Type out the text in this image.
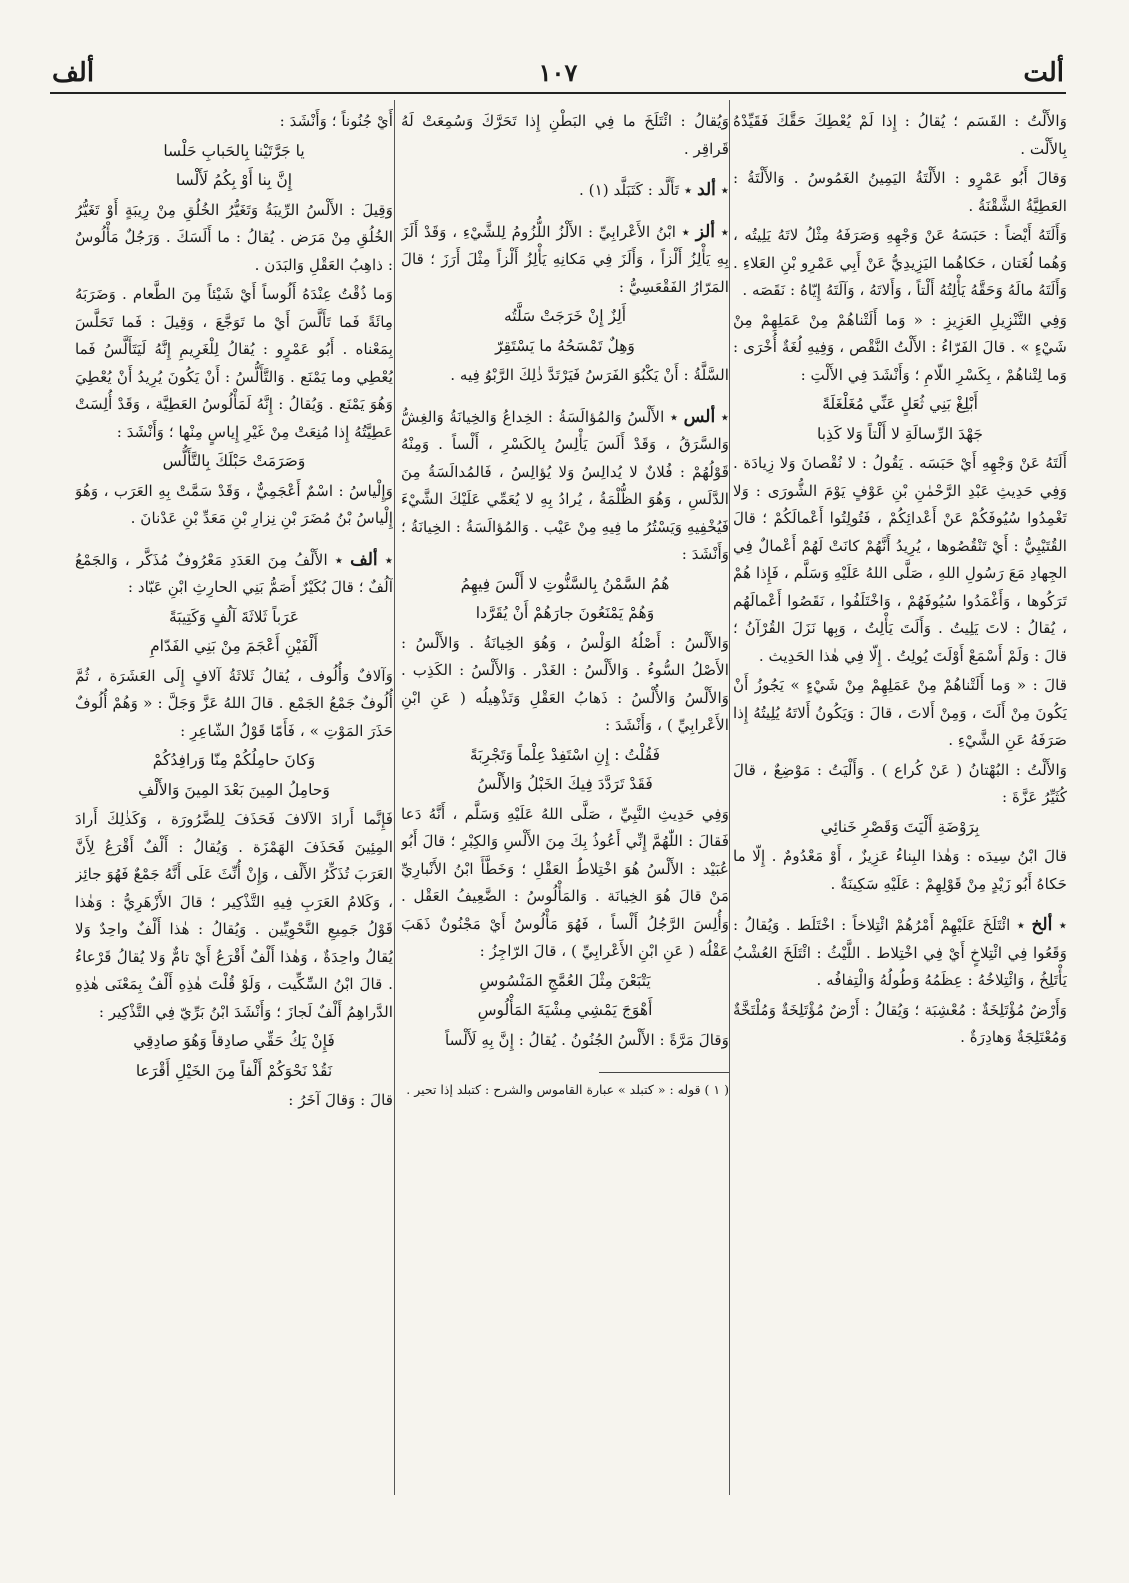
ألت
١٠٧
ألف

وَالأَلْتُ : القَسَم ؛ يُقالُ : إِذا لَمْ يُعْطِكَ حَقَّكَ فَقَيِّدْهُ بِالأَلْت .

وَقالَ أَبُو عَمْرٍو : الأَلْتَةُ اليَمِينُ الغَمُوسُ . وَالأَلْتَةُ : العَطِيَّةُ الشَّقْنَةُ .

وَأَلَتَهُ أَيْضاً : حَبَسَهُ عَنْ وَجْهِهِ وَصَرَفَهُ مِثْلُ لاتَهُ يَلِيتُه ، وَهُما لُغَتان ، حَكاهُما اليَزِيدِيُّ عَنْ أَبِي عَمْرِو بْنِ العَلاءِ . وَأَلَتَهُ مالَهُ وَحَقَّهُ يَأْلِتُهُ أَلْتاً ، وَأَلاتَهُ ، وَآلَتَهُ إِيّاهُ : نَقَصَه .

وَفِي التَّنْزِيلِ العَزِيزِ : « وَما أَلَتْناهُمْ مِنْ عَمَلِهِمْ مِنْ شَيْءٍ » . قالَ الفَرّاءُ : الأَلْتُ النَّقْص ، وَفِيهِ لُغَةٌ أُخْرَى : وَما لِتْناهُمْ ، بِكَسْرِ اللّامِ ؛ وَأَنْشَدَ فِي الأَلْتِ :

أَبْلِغْ بَنِي ثُعَلٍ عَنِّي مُغَلْغَلَةً
جَهْدَ الرِّسالَةِ لا أَلْتاً وَلا كَذِبا

أَلَتَهُ عَنْ وَجْهِهِ أَيْ حَبَسَه . يَقُولُ : لا نُقْصانَ وَلا زِيادَة . وَفِي حَدِيثِ عَبْدِ الرَّحْمٰنِ بْنِ عَوْفٍ يَوْمَ الشُّورَى : وَلا تَغْمِدُوا سُيُوفَكُمْ عَنْ أَعْدائِكُمْ ، فَتُولِتُوا أَعْمالَكُمْ ؛ قالَ القُتَيْبِيُّ : أَيْ تَنْقُصُوها ، يُرِيدُ أَنَّهُمْ كانَتْ لَهُمْ أَعْمالٌ فِي الجِهادِ مَعَ رَسُولِ اللهِ ، صَلَّى اللهُ عَلَيْهِ وَسَلَّم ، فَإِذا هُمْ تَرَكُوها ، وَأَغْمَدُوا سُيُوفَهُمْ ، وَاخْتَلَفُوا ، نَقَصُوا أَعْمالَهُم ، يُقالُ : لاتَ يَلِيتُ . وَأَلَتَ يَأْلِتُ ، وَبِها نَزَلَ القُرْآنُ ؛ قالَ : وَلَمْ أَسْمَعْ أَوْلَتَ يُولِتُ . إِلّا فِي هٰذا الحَدِيث .

قالَ : « وَما أَلَتْناهُمْ مِنْ عَمَلِهِمْ مِنْ شَيْءٍ » يَجُوزُ أَنْ يَكُونَ مِنْ أَلَتَ ، وَمِنْ أَلاتَ ، قالَ : وَيَكُونُ أَلاتَهُ يُلِيتُهُ إِذا صَرَفَهُ عَنِ الشَّيْءِ .

وَالأَلْتُ : البُهْتانُ ( عَنْ كُراع ) . وَأَلْيَتُ : مَوْضِعٌ ، قالَ كُثَيِّرُ عَزَّةَ :

بِرَوْضَةِ أَلْيَتَ وَقَصْرِ خَنائِي

قالَ ابْنُ سِيدَه : وَهٰذا البِناءُ عَزِيزٌ ، أَوْ مَعْدُومٌ . إِلّا ما حَكاهُ أَبُو زَيْدٍ مِنْ قَوْلِهِمْ : عَلَيْهِ سَكِينَةٌ .

٭ ألخ ٭ ائْتَلَخَ عَلَيْهِمْ أَمْرُهُمْ ائْتِلاخاً : اخْتَلَط . وَيُقالُ : وَقَعُوا فِي ائْتِلاخٍ أَيْ فِي اخْتِلاط . اللَّيْثُ : ائْتَلَخَ العُشْبُ يَأْتَلِخُ ، وَائْتِلاخُهُ : عِظَمُهُ وَطُولُهُ وَالْتِفافُه .

وَأَرْضٌ مُؤْتَلِخَةٌ : مُعْشِبَة ؛ وَيُقالُ : أَرْضٌ مُؤْتَلِخَةٌ وَمُلْتَخَّةٌ وَمُعْتَلِجَةٌ وَهادِرَةٌ .

وَيُقالُ : ائْتَلَخَ ما فِي البَطْنِ إِذا تَحَرَّكَ وَسُمِعَتْ لَهُ قَراقِر .

٭ ألد ٭ تَأَلَّد : كَتَبَلَّد (١) .

٭ ألز ٭ ابْنُ الأَعْرابِيِّ : الأَلْزُ اللُّزُومُ لِلشَّيْءِ ، وَقَدْ أَلَزَ بِهِ يَأْلِزُ أَلْزاً ، وَأَلَزَ فِي مَكانِهِ يَأْلِزُ أَلْزاً مِثْلَ أَرَزَ ؛ قالَ المَرّارُ الفَقْعَسِيُّ :

أَلِزٌ إِنْ خَرَجَتْ سَلَّتُه
وَهِلٌ تَمْسَحُهُ ما يَسْتَقِرّ

السَّلَّةُ : أَنْ يَكْبُوَ الفَرَسُ فَيَرْتَدَّ ذٰلِكَ الرَّبْوُ فِيه .

٭ ألس ٭ الأَلْسُ وَالمُؤالَسَةُ : الخِداعُ وَالخِيانَةُ وَالغِشُّ وَالسَّرَقُ ، وَقَدْ أَلَسَ يَأْلِسُ بِالكَسْرِ ، أَلْساً . وَمِنْهُ قَوْلُهُمْ : فُلانٌ لا يُدالِسُ وَلا يُؤالِسُ ، فَالمُدالَسَةُ مِنَ الدَّلَسِ ، وَهُوَ الظُّلْمَةُ ، يُرادُ بِهِ لا يُعَمِّي عَلَيْكَ الشَّيْءَ فَيُخْفِيهِ وَيَسْتُرُ ما فِيهِ مِنْ عَيْب . وَالمُؤالَسَةُ : الخِيانَةُ ؛ وَأَنْشَدَ :

هُمُ السَّمْنُ بِالسَّنُّوتِ لا أَلْسَ فِيهِمُ
وَهُمْ يَمْنَعُونَ جارَهُمْ أَنْ يُقَرَّدا

وَالأَلْسُ : أَصْلُهُ الوَلْسُ ، وَهُوَ الخِيانَةُ . وَالأَلْسُ : الأَصْلُ السُّوءُ . وَالأَلْسُ : الغَدْر . وَالأَلْسُ : الكَذِب . وَالأَلْسُ وَالأُلْسُ : ذَهابُ العَقْلِ وَتَذْهِيلُه ( عَنِ ابْنِ الأَعْرابِيِّ ) ، وَأَنْشَدَ :

فَقُلْتُ : إِنِ اسْتَفِدْ عِلْماً وَتَجْرِبَةً
فَقَدْ تَرَدَّدَ فِيكَ الخَبْلُ وَالأَلْسُ

وَفِي حَدِيثِ النَّبِيِّ ، صَلَّى اللهُ عَلَيْهِ وَسَلَّم ، أَنَّهُ دَعا فَقالَ : اللّٰهُمَّ إِنِّي أَعُوذُ بِكَ مِنَ الأَلْسِ وَالكِبْرِ ؛ قالَ أَبُو عُبَيْد : الأَلْسُ هُوَ اخْتِلاطُ العَقْلِ ؛ وَخَطَّأَ ابْنُ الأَنْبارِيِّ مَنْ قالَ هُوَ الخِيانَة . وَالمَأْلُوسُ : الضَّعِيفُ العَقْل . وَأُلِسَ الرَّجُلُ أَلْساً ، فَهُوَ مَأْلُوسٌ أَيْ مَجْنُونٌ ذَهَبَ عَقْلُه ( عَنِ ابْنِ الأَعْرابِيِّ ) ، قالَ الرّاجِزُ :

يَتْبَعْنَ مِثْلَ العُمَّجِ المَنْسُوسِ
أَهْوَجَ يَمْشِي مِشْيَةَ المَأْلُوسِ

وَقالَ مَرَّةً : الأَلْسُ الجُنُونُ . يُقالُ : إِنَّ بِهِ لَأَلْساً

( ١ ) قوله : « كتبلد » عبارة القاموس والشرح : كتبلد إذا تحير .

أَيْ جُنُوناً ؛ وَأَنْشَدَ :

يا جَرَّتَيْنا بِالحَبابِ حَلْسا
إِنَّ بِنا أَوْ بِكُمُ لَأَلْسا

وَقِيلَ : الأَلْسُ الرِّيبَةُ وَتَغَيُّرُ الخُلُقِ مِنْ رِيبَةٍ أَوْ تَغَيُّرُ الخُلُقِ مِنْ مَرَض . يُقالُ : ما أَلَسَكَ . وَرَجُلٌ مَأْلُوسٌ : ذاهِبُ العَقْلِ وَالبَدَن .

وَما ذُقْتُ عِنْدَهُ أَلُوساً أَيْ شَيْئاً مِنَ الطَّعام . وَضَرَبَهُ مِائَةً فَما تَأَلَّسَ أَيْ ما تَوَجَّعَ ، وَقِيلَ : فَما تَحَلَّسَ بِمَعْناه . أَبُو عَمْرٍو : يُقالُ لِلْغَرِيمِ إِنَّهُ لَيَتَأَلَّسُ فَما يُعْطِي وما يَمْنَع . وَالتَّأَلُّسُ : أَنْ يَكُونَ يُرِيدُ أَنْ يُعْطِيَ وَهُوَ يَمْنَع . وَيُقالُ : إِنَّهُ لَمَأْلُوسُ العَطِيَّة ، وَقَدْ أُلِسَتْ عَطِيَّتُهُ إِذا مُنِعَتْ مِنْ غَيْرِ إِياسٍ مِنْها ؛ وَأَنْشَدَ :

وَصَرَمَتْ حَبْلَكَ بِالتَّأَلُّس

وَإِلْياسُ : اسْمٌ أَعْجَمِيٌّ ، وَقَدْ سَمَّتْ بِهِ العَرَب ، وَهُوَ إِلْياسُ بْنُ مُضَرَ بْنِ نِزارِ بْنِ مَعَدِّ بْنِ عَدْنانَ .

٭ ألف ٭ الأَلْفُ مِنَ العَدَدِ مَعْرُوفٌ مُذَكَّر ، وَالجَمْعُ آلُفٌ ؛ قالَ بُكَيْرٌ أَصَمُّ بَنِي الحارِثِ ابْنِ عَبّاد :

عَرَباً ثَلاثَةَ آلُفٍ وَكَتِيبَةً
أَلْفَيْنِ أَعْجَمَ مِنْ بَنِي الفَدّامِ

وَآلافٌ وَأُلُوف ، يُقالُ ثَلاثَةُ آلافٍ إِلَى العَشَرَة ، ثُمَّ أُلُوفٌ جَمْعُ الجَمْع . قالَ اللهُ عَزَّ وَجَلَّ : « وَهُمْ أُلُوفٌ حَذَرَ المَوْتِ » ، فَأَمّا قَوْلُ الشّاعِرِ :

وَكانَ حامِلُكُمْ مِنّا وَرافِدُكُمْ
وَحامِلُ المِينَ بَعْدَ المِينَ وَالأَلْفِ

فَإِنَّما أَرادَ الآلافَ فَحَذَفَ لِلضَّرُورَة ، وَكَذٰلِكَ أَرادَ المِئِينَ فَحَذَفَ الهَمْزَة . وَيُقالُ : أَلْفٌ أَقْرَعُ لِأَنَّ العَرَبَ تُذَكِّرُ الأَلْف ، وَإِنْ أُنِّثَ عَلَى أَنَّهُ جَمْعٌ فَهُوَ جائِز ، وَكَلامُ العَرَبِ فِيهِ التَّذْكِير ؛ قالَ الأَزْهَرِيُّ : وَهٰذا قَوْلُ جَمِيعِ النَّحْوِيِّين . وَيُقالُ : هٰذا أَلْفٌ واحِدٌ وَلا يُقالُ واحِدَةٌ ، وَهٰذا أَلْفٌ أَقْرَعُ أَيْ تامٌّ وَلا يُقالُ قَرْعاءُ . قالَ ابْنُ السِّكِّيت ، وَلَوْ قُلْتَ هٰذِهِ أَلْفٌ بِمَعْنَى هٰذِهِ الدَّراهِمُ أَلْفٌ لَجازَ ؛ وَأَنْشَدَ ابْنُ بَرِّيّ فِي التَّذْكِير :

فَإِنْ يَكُ حَقِّي صادِقاً وَهُوَ صادِقِي
نَقُدْ نَحْوَكُمْ أَلْفاً مِنَ الخَيْلِ أَقْرَعا

قالَ : وَقالَ آخَرُ :
